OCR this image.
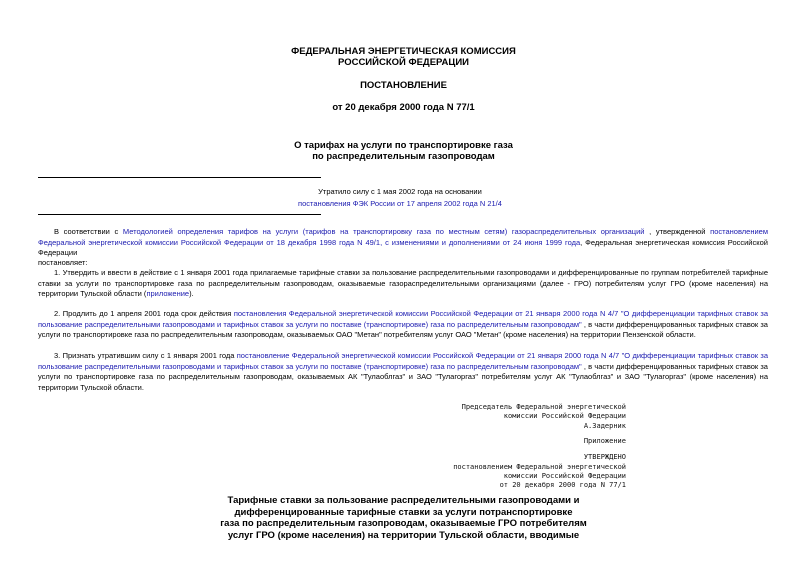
ФЕДЕРАЛЬНАЯ ЭНЕРГЕТИЧЕСКАЯ КОМИССИЯ
РОССИЙСКОЙ ФЕДЕРАЦИИ
ПОСТАНОВЛЕНИЕ
от 20 декабря 2000 года N 77/1
О тарифах на услуги по транспортировке газа
по распределительным газопроводам
Утратило силу с 1 мая 2002 года на основании
постановления ФЭК России от 17 апреля 2002 года N 21/4
В соответствии с Методологией определения тарифов на услуги (тарифов на транспортировку газа по местным сетям) газораспределительных организаций , утвержденной постановлением Федеральной энергетической комиссии Российской Федерации от 18 декабря 1998 года N 49/1, с изменениями и дополнениями от 24 июня 1999 года, Федеральная энергетическая комиссия Российской Федерации
постановляет:
1. Утвердить и ввести в действие с 1 января 2001 года прилагаемые тарифные ставки за пользование распределительными газопроводами и дифференцированные по группам потребителей тарифные ставки за услуги по транспортировке газа по распределительным газопроводам, оказываемые газораспределительными организациями (далее - ГРО) потребителям услуг ГРО (кроме населения) на территории Тульской области (приложение).
2. Продлить до 1 апреля 2001 года срок действия постановления Федеральной энергетической комиссии Российской Федерации от 21 января 2000 года N 4/7 "О дифференциации тарифных ставок за пользование распределительными газопроводами и тарифных ставок за услуги по поставке (транспортировке) газа по распределительным газопроводам" , в части дифференцированных тарифных ставок за услуги по транспортировке газа по распределительным газопроводам, оказываемых ОАО "Метан" потребителям услуг ОАО "Метан" (кроме населения) на территории Пензенской области.
3. Признать утратившим силу с 1 января 2001 года постановление Федеральной энергетической комиссии Российской Федерации от 21 января 2000 года N 4/7 "О дифференциации тарифных ставок за пользование распределительными газопроводами и тарифных ставок за услуги по поставке (транспортировке) газа по распределительным газопроводам" , в части дифференцированных тарифных ставок за услуги по транспортировке газа по распределительным газопроводам, оказываемых АК "Тулаоблгаз" и ЗАО "Тулагоргаз" потребителям услуг АК "Тулаоблгаз" и ЗАО "Тулагоргаз" (кроме населения) на территории Тульской области.
Председатель Федеральной энергетической
комиссии Российской Федерации
А.Задерник
Приложение
УТВЕРЖДЕНО
постановлением Федеральной энергетической
комиссии Российской Федерации
от 20 декабря 2000 года N 77/1
Тарифные ставки за пользование распределительными газопроводами и
дифференцированные тарифные ставки за услуги потранспортировке
газа по распределительным газопроводам, оказываемые ГРО потребителям
услуг ГРО (кроме населения) на территории Тульской области, вводимые
